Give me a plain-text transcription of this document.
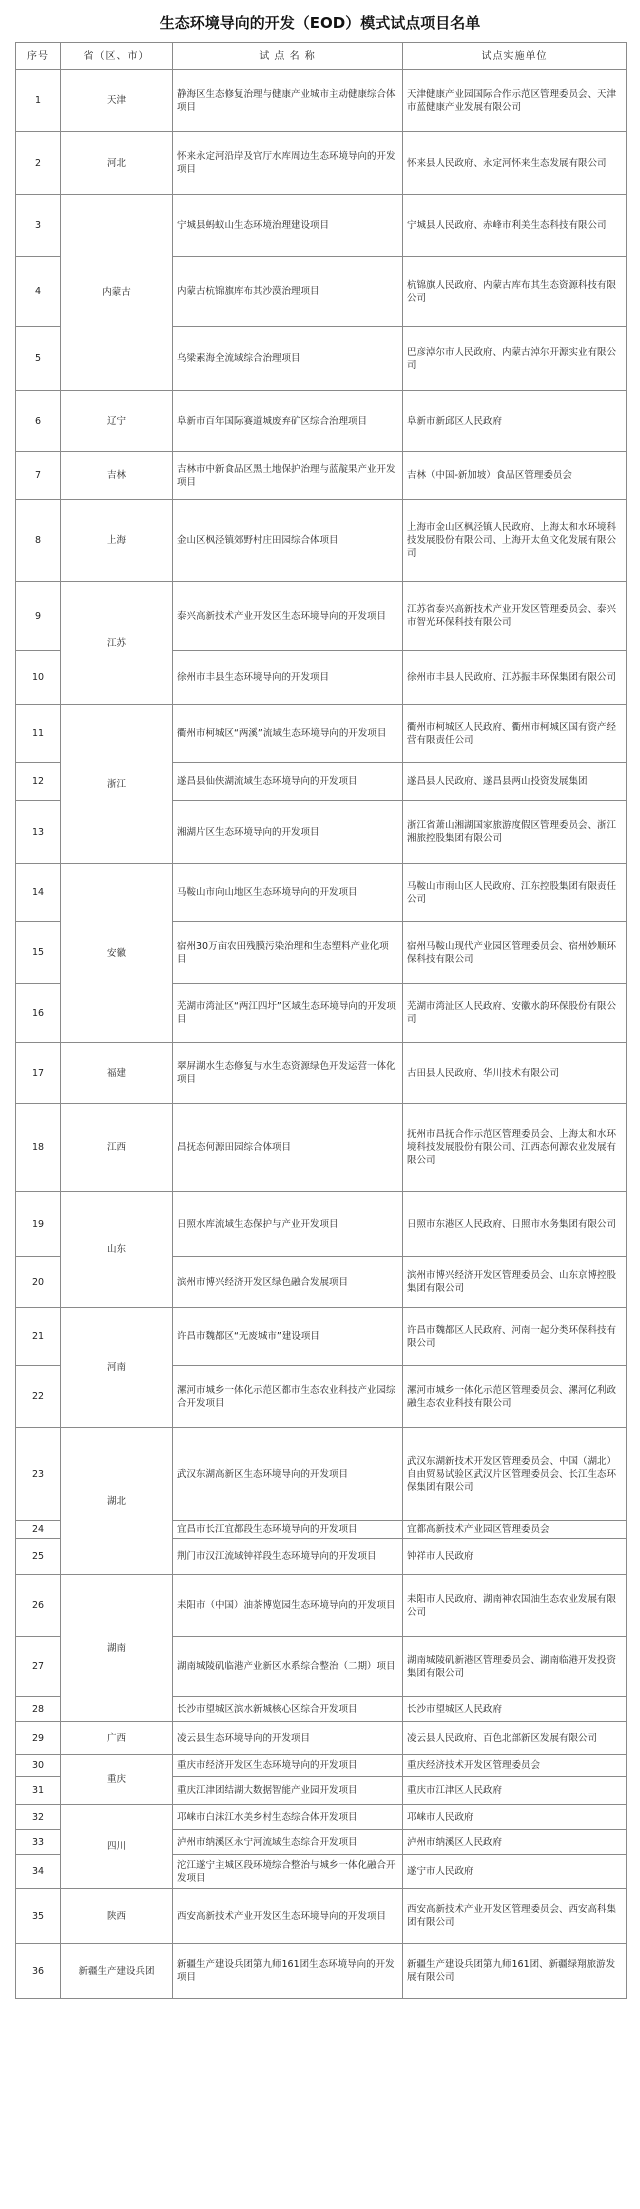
生态环境导向的开发（EOD）模式试点项目名单
序号	省（区、市）	试 点 名 称	试点实施单位
1	天津	静海区生态修复治理与健康产业城市主动健康综合体项目	天津健康产业园国际合作示范区管理委员会、天津市蓝健康产业发展有限公司
2	河北	怀来永定河沿岸及官厅水库周边生态环境导向的开发项目	怀来县人民政府、永定河怀来生态发展有限公司
3	内蒙古	宁城县蚂蚁山生态环境治理建设项目	宁城县人民政府、赤峰市利美生态科技有限公司
4		内蒙古杭锦旗库布其沙漠治理项目	杭锦旗人民政府、内蒙古库布其生态资源科技有限公司
5		乌梁素海全流域综合治理项目	巴彦淖尔市人民政府、内蒙古淖尔开源实业有限公司
6	辽宁	阜新市百年国际赛道城废弃矿区综合治理项目	阜新市新邱区人民政府
7	吉林	吉林市中新食品区黑土地保护治理与蓝靛果产业开发项目	吉林（中国-新加坡）食品区管理委员会
8	上海	金山区枫泾镇郊野村庄田园综合体项目	上海市金山区枫泾镇人民政府、上海太和水环境科技发展股份有限公司、上海开太鱼文化发展有限公司
9	江苏	泰兴高新技术产业开发区生态环境导向的开发项目	江苏省泰兴高新技术产业开发区管理委员会、泰兴市智光环保科技有限公司
10		徐州市丰县生态环境导向的开发项目	徐州市丰县人民政府、江苏振丰环保集团有限公司
11	浙江	衢州市柯城区“两溪”流域生态环境导向的开发项目	衢州市柯城区人民政府、衢州市柯城区国有资产经营有限责任公司
12		遂昌县仙侠湖流域生态环境导向的开发项目	遂昌县人民政府、遂昌县两山投资发展集团
13		湘湖片区生态环境导向的开发项目	浙江省萧山湘湖国家旅游度假区管理委员会、浙江湘旅控股集团有限公司
14	安徽	马鞍山市向山地区生态环境导向的开发项目	马鞍山市雨山区人民政府、江东控股集团有限责任公司
15		宿州30万亩农田残膜污染治理和生态塑料产业化项目	宿州马鞍山现代产业园区管理委员会、宿州妙顺环保科技有限公司
16		芜湖市湾沚区“两江四圩”区域生态环境导向的开发项目	芜湖市湾沚区人民政府、安徽水韵环保股份有限公司
17	福建	翠屏湖水生态修复与水生态资源绿色开发运营一体化项目	古田县人民政府、华川技术有限公司
18	江西	昌抚态何源田园综合体项目	抚州市昌抚合作示范区管理委员会、上海太和水环境科技发展股份有限公司、江西态何源农业发展有限公司
19	山东	日照水库流域生态保护与产业开发项目	日照市东港区人民政府、日照市水务集团有限公司
20		滨州市博兴经济开发区绿色融合发展项目	滨州市博兴经济开发区管理委员会、山东京博控股集团有限公司
21	河南	许昌市魏都区“无废城市”建设项目	许昌市魏都区人民政府、河南一起分类环保科技有限公司
22		漯河市城乡一体化示范区都市生态农业科技产业园综合开发项目	漯河市城乡一体化示范区管理委员会、漯河亿利政融生态农业科技有限公司
23	湖北	武汉东湖高新区生态环境导向的开发项目	武汉东湖新技术开发区管理委员会、中国（湖北）自由贸易试验区武汉片区管理委员会、长江生态环保集团有限公司
24		宜昌市长江宜都段生态环境导向的开发项目	宜都高新技术产业园区管理委员会
25		荆门市汉江流域钟祥段生态环境导向的开发项目	钟祥市人民政府
26	湖南	耒阳市（中国）油茶博览园生态环境导向的开发项目	耒阳市人民政府、湖南神农国油生态农业发展有限公司
27		湖南城陵矶临港产业新区水系综合整治（二期）项目	湖南城陵矶新港区管理委员会、湖南临港开发投资集团有限公司
28		长沙市望城区滨水新城核心区综合开发项目	长沙市望城区人民政府
29	广西	凌云县生态环境导向的开发项目	凌云县人民政府、百色北部新区发展有限公司
30	重庆	重庆市经济开发区生态环境导向的开发项目	重庆经济技术开发区管理委员会
31		重庆江津团结湖大数据智能产业园开发项目	重庆市江津区人民政府
32	四川	邛崃市白沫江水美乡村生态综合体开发项目	邛崃市人民政府
33		泸州市纳溪区永宁河流域生态综合开发项目	泸州市纳溪区人民政府
34		沱江遂宁主城区段环境综合整治与城乡一体化融合开发项目	遂宁市人民政府
35	陕西	西安高新技术产业开发区生态环境导向的开发项目	西安高新技术产业开发区管理委员会、西安高科集团有限公司
36	新疆生产建设兵团	新疆生产建设兵团第九师161团生态环境导向的开发项目	新疆生产建设兵团第九师161团、新疆绿翔旅游发展有限公司
